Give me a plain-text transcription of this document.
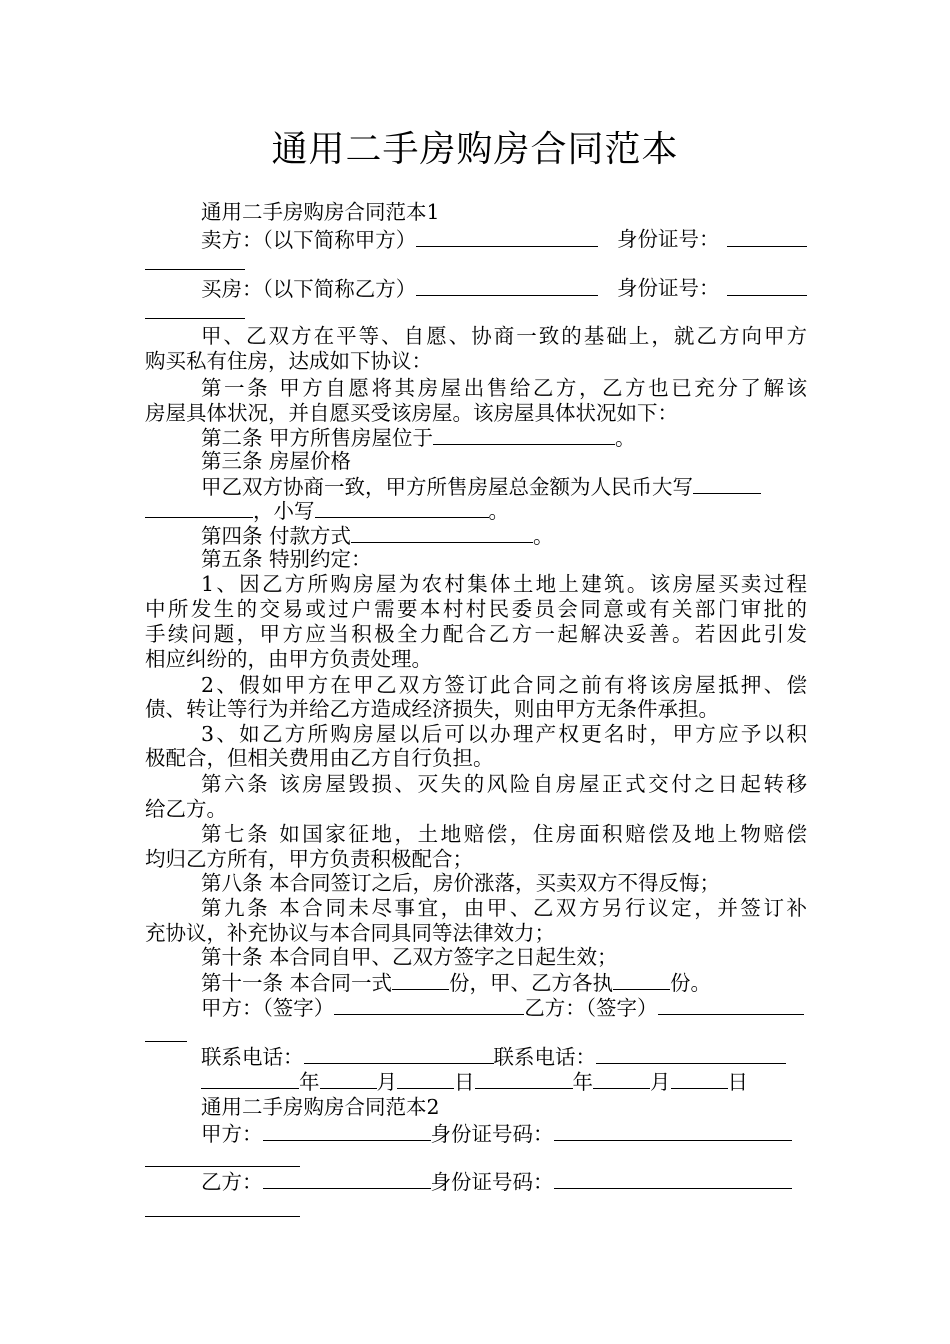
通用二手房购房合同范本
通用二手房购房合同范本1
卖方：（以下简称甲方）	身份证号：
买房：（以下简称乙方）	身份证号：
甲、乙双方在平等、自愿、协商一致的基础上，就乙方向甲方
购买私有住房，达成如下协议：
第一条 甲方自愿将其房屋出售给乙方，乙方也已充分了解该
房屋具体状况，并自愿买受该房屋。该房屋具体状况如下：
第二条 甲方所售房屋位于	。
第三条 房屋价格
甲乙双方协商一致，甲方所售房屋总金额为人民币大写
，小写	。
第四条 付款方式	。
第五条 特别约定：
1、因乙方所购房屋为农村集体土地上建筑。该房屋买卖过程
中所发生的交易或过户需要本村村民委员会同意或有关部门审批的
手续问题，甲方应当积极全力配合乙方一起解决妥善。若因此引发
相应纠纷的，由甲方负责处理。
2、假如甲方在甲乙双方签订此合同之前有将该房屋抵押、偿
债、转让等行为并给乙方造成经济损失，则由甲方无条件承担。
3、如乙方所购房屋以后可以办理产权更名时，甲方应予以积
极配合，但相关费用由乙方自行负担。
第六条 该房屋毁损、灭失的风险自房屋正式交付之日起转移
给乙方。
第七条 如国家征地，土地赔偿，住房面积赔偿及地上物赔偿
均归乙方所有，甲方负责积极配合；
第八条 本合同签订之后，房价涨落，买卖双方不得反悔；
第九条 本合同未尽事宜，由甲、乙双方另行议定，并签订补
充协议，补充协议与本合同具同等法律效力；
第十条 本合同自甲、乙双方签字之日起生效；
第十一条 本合同一式	份，甲、乙方各执	份。
甲方：（签字）	乙方：（签字）
联系电话：	联系电话：
年	月	日	年	月	日
通用二手房购房合同范本2
甲方：	身份证号码：
乙方：	身份证号码：
